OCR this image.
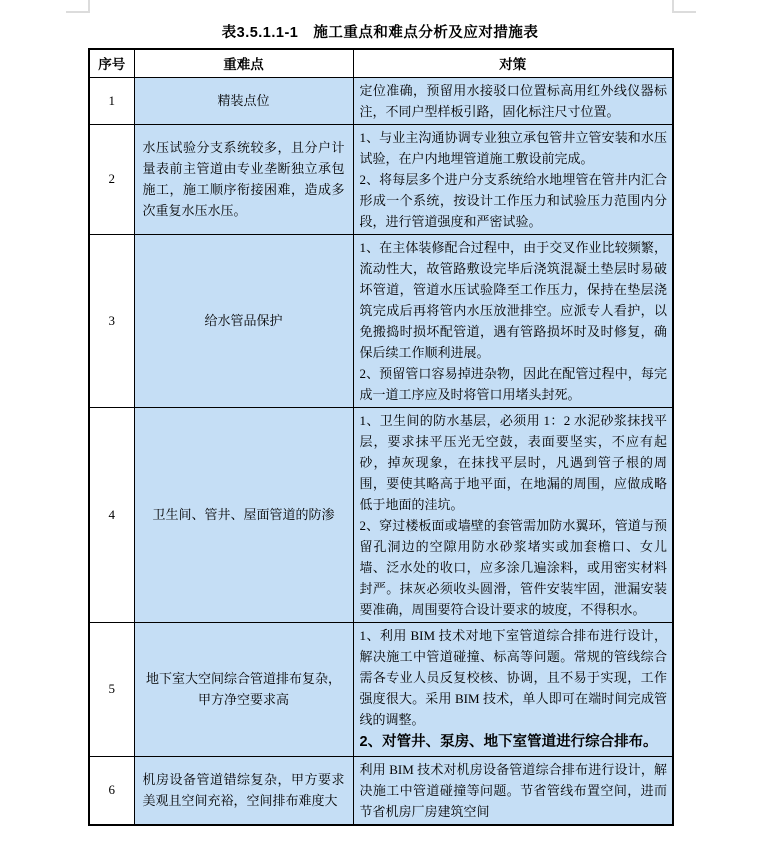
表3.5.1.1-1　施工重点和难点分析及应对措施表
序号	重难点	对策
1	精装点位	定位准确，预留用水接驳口位置标高用红外线仪器标注，不同户型样板引路，固化标注尺寸位置。

2	水压试验分支系统较多，且分户计量表前主管道由专业垄断独立承包施工，施工顺序衔接困难，造成多次重复水压水压。	1、与业主沟通协调专业独立承包管井立管安装和水压试验，在户内地埋管道施工敷设前完成。

2、将每层多个进户分支系统给水地埋管在管井内汇合形成一个系统，按设计工作压力和试验压力范围内分段，进行管道强度和严密试验。

3	给水管品保护	1、在主体装修配合过程中，由于交叉作业比较频繁，流动性大，故管路敷设完毕后浇筑混凝土垫层时易破坏管道，管道水压试验降至工作压力，保持在垫层浇筑完成后再将管内水压放泄排空。应派专人看护，以免搬捣时损坏配管道，遇有管路损坏时及时修复，确保后续工作顺利进展。

2、预留管口容易掉进杂物，因此在配管过程中，每完成一道工序应及时将管口用堵头封死。

4	卫生间、管井、屋面管道的防渗	1、卫生间的防水基层，必须用 1：2 水泥砂浆抹找平层，要求抹平压光无空鼓，表面要坚实，不应有起砂，掉灰现象，在抹找平层时，凡遇到管子根的周围，要使其略高于地平面，在地漏的周围，应做成略低于地面的洼坑。

2、穿过楼板面或墙壁的套管需加防水翼环，管道与预留孔洞边的空隙用防水砂浆堵实或加套檐口、女儿墙、泛水处的收口，应多涂几遍涂料，或用密实材料封严。抹灰必须收头圆滑，管件安装牢固，泄漏安装要准确，周围要符合设计要求的坡度，不得积水。

5	地下室大空间综合管道排布复杂，甲方净空要求高	1、利用 BIM 技术对地下室管道综合排布进行设计，解决施工中管道碰撞、标高等问题。常规的管线综合需各专业人员反复校核、协调，且不易于实现，工作强度很大。采用 BIM 技术，单人即可在端时间完成管线的调整。

2、对管井、泵房、地下室管道进行综合排布。

6	机房设备管道错综复杂，甲方要求美观且空间充裕，空间排布难度大	利用 BIM 技术对机房设备管道综合排布进行设计，解决施工中管道碰撞等问题。节省管线布置空间，进而节省机房厂房建筑空间
